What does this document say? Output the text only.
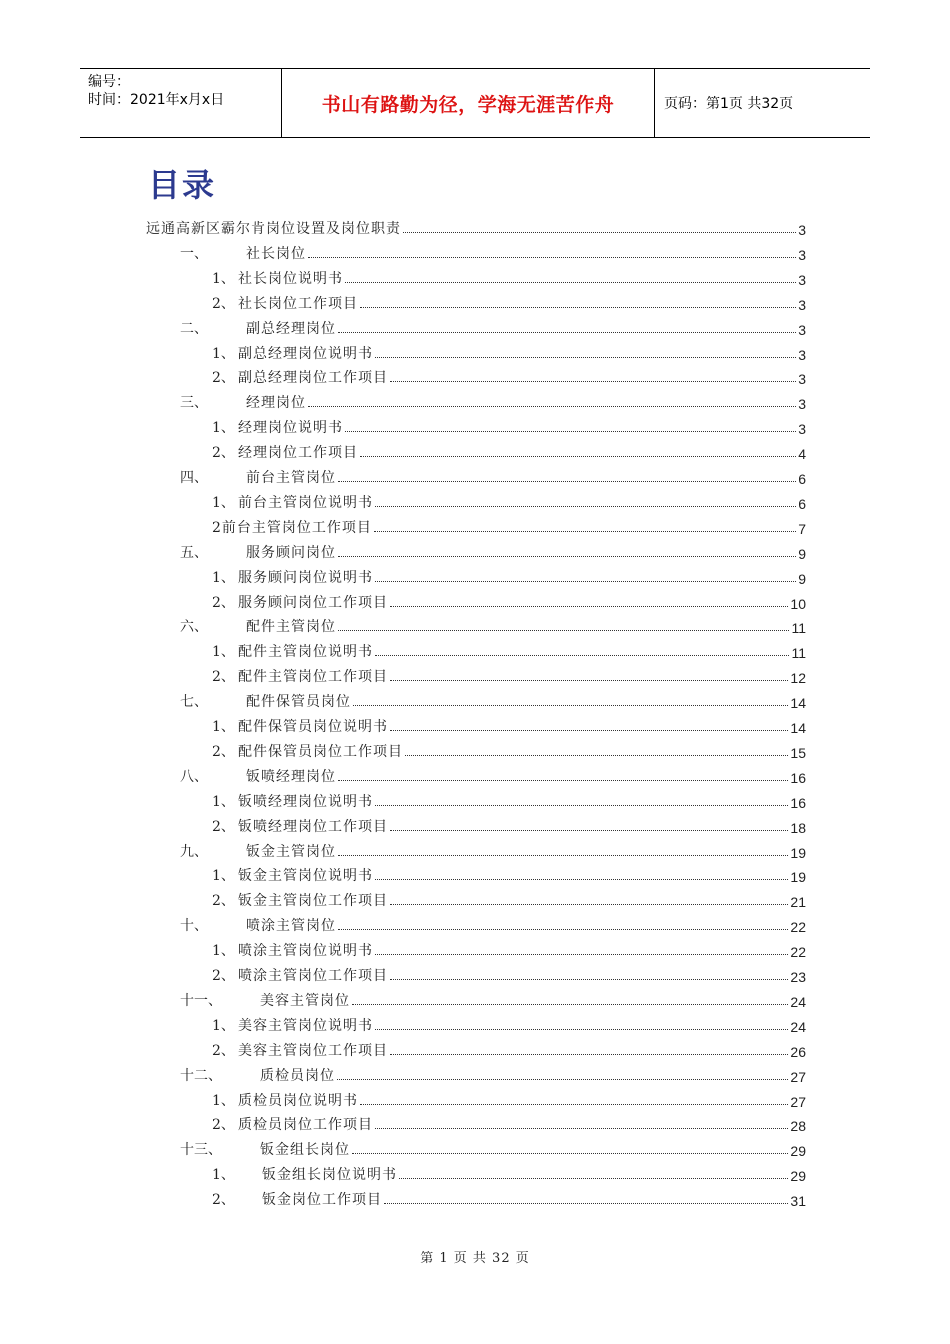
编号：
时间：2021年x月x日	书山有路勤为径，学海无涯苦作舟	页码：第1页 共32页
目录
远通高新区霸尔肯岗位设置及岗位职责	3
一、	社长岗位	3
1、 社长岗位说明书	3
2、 社长岗位工作项目	3
二、	副总经理岗位	3
1、 副总经理岗位说明书	3
2、 副总经理岗位工作项目	3
三、	经理岗位	3
1、 经理岗位说明书	3
2、 经理岗位工作项目	4
四、	前台主管岗位	6
1、 前台主管岗位说明书	6
2前台主管岗位工作项目	7
五、	服务顾问岗位	9
1、 服务顾问岗位说明书	9
2、 服务顾问岗位工作项目	10
六、	配件主管岗位	11
1、 配件主管岗位说明书	11
2、 配件主管岗位工作项目	12
七、	配件保管员岗位	14
1、 配件保管员岗位说明书	14
2、 配件保管员岗位工作项目	15
八、	钣喷经理岗位	16
1、 钣喷经理岗位说明书	16
2、 钣喷经理岗位工作项目	18
九、	钣金主管岗位	19
1、 钣金主管岗位说明书	19
2、 钣金主管岗位工作项目	21
十、	喷涂主管岗位	22
1、 喷涂主管岗位说明书	22
2、 喷涂主管岗位工作项目	23
十一、	美容主管岗位	24
1、 美容主管岗位说明书	24
2、 美容主管岗位工作项目	26
十二、	质检员岗位	27
1、 质检员岗位说明书	27
2、 质检员岗位工作项目	28
十三、	钣金组长岗位	29
1、	钣金组长岗位说明书	29
2、	钣金岗位工作项目	31
第 1 页 共 32 页
